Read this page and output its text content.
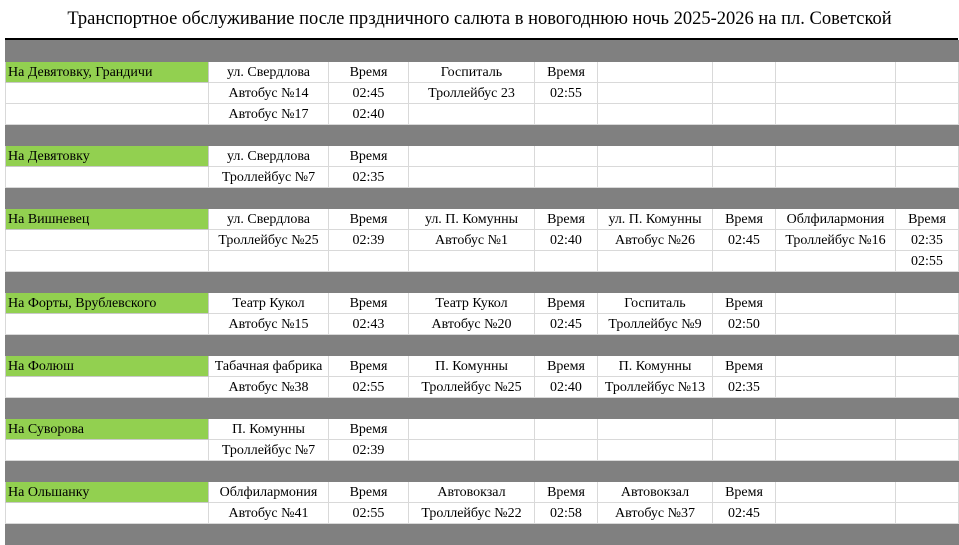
Транспортное обслуживание после прздничного салюта в новогоднюю ночь 2025-2026 на пл. Советской

На Девятовку, Грандичи	ул. Свердлова	Время	Госпиталь	Время				
	Автобус №14	02:45	Троллейбус 23	02:55				
	Автобус №17	02:40						

На Девятовку	ул. Свердлова	Время						
	Троллейбус №7	02:35						

На Вишневец	ул. Свердлова	Время	ул. П. Комунны	Время	ул. П. Комунны	Время	Облфилармония	Время
	Троллейбус №25	02:39	Автобус №1	02:40	Автобус №26	02:45	Троллейбус №16	02:35
								02:55

На Форты, Врублевского	Театр Кукол	Время	Театр Кукол	Время	Госпиталь	Время		
	Автобус №15	02:43	Автобус №20	02:45	Троллейбус №9	02:50		

На Фолюш	Табачная фабрика	Время	П. Комунны	Время	П. Комунны	Время		
	Автобус №38	02:55	Троллейбус №25	02:40	Троллейбус №13	02:35		

На Суворова	П. Комунны	Время						
	Троллейбус №7	02:39						

На Ольшанку	Облфилармония	Время	Автовокзал	Время	Автовокзал	Время		
	Автобус №41	02:55	Троллейбус №22	02:58	Автобус №37	02:45		
